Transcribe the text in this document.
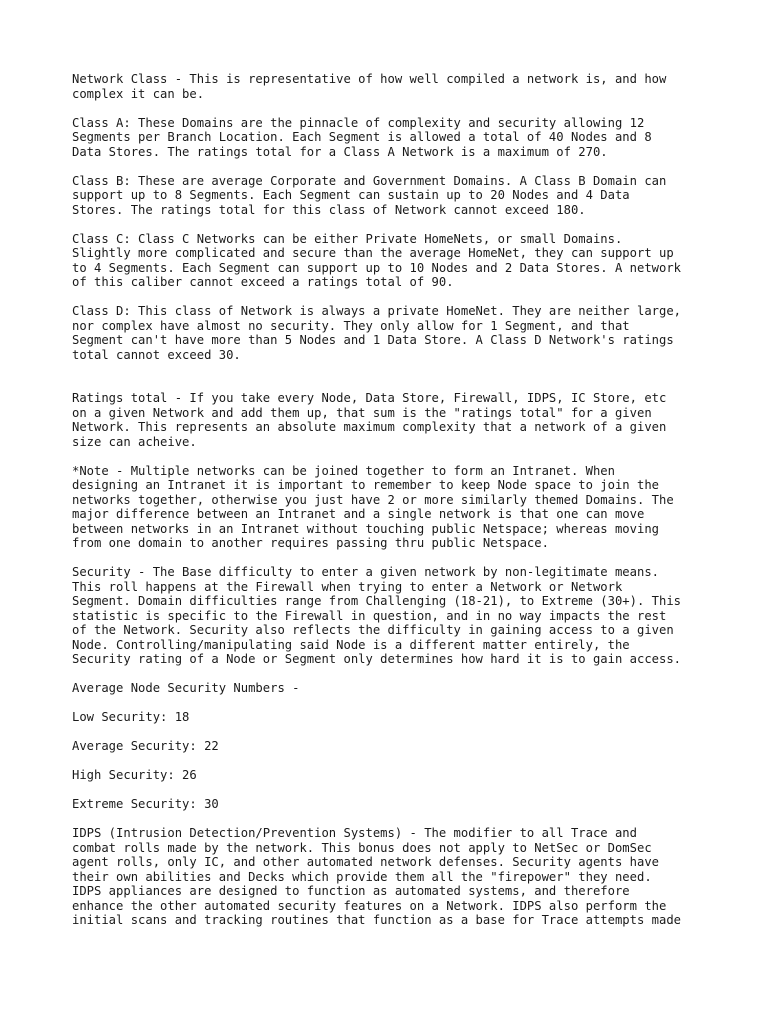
Network Class - This is representative of how well compiled a network is, and how
complex it can be.

Class A: These Domains are the pinnacle of complexity and security allowing 12
Segments per Branch Location. Each Segment is allowed a total of 40 Nodes and 8
Data Stores. The ratings total for a Class A Network is a maximum of 270.

Class B: These are average Corporate and Government Domains. A Class B Domain can
support up to 8 Segments. Each Segment can sustain up to 20 Nodes and 4 Data
Stores. The ratings total for this class of Network cannot exceed 180.

Class C: Class C Networks can be either Private HomeNets, or small Domains.
Slightly more complicated and secure than the average HomeNet, they can support up
to 4 Segments. Each Segment can support up to 10 Nodes and 2 Data Stores. A network
of this caliber cannot exceed a ratings total of 90.

Class D: This class of Network is always a private HomeNet. They are neither large,
nor complex have almost no security. They only allow for 1 Segment, and that
Segment can't have more than 5 Nodes and 1 Data Store. A Class D Network's ratings
total cannot exceed 30.

Ratings total - If you take every Node, Data Store, Firewall, IDPS, IC Store, etc
on a given Network and add them up, that sum is the "ratings total" for a given
Network. This represents an absolute maximum complexity that a network of a given
size can acheive.

*Note - Multiple networks can be joined together to form an Intranet. When
designing an Intranet it is important to remember to keep Node space to join the
networks together, otherwise you just have 2 or more similarly themed Domains. The
major difference between an Intranet and a single network is that one can move
between networks in an Intranet without touching public Netspace; whereas moving
from one domain to another requires passing thru public Netspace.

Security - The Base difficulty to enter a given network by non-legitimate means.
This roll happens at the Firewall when trying to enter a Network or Network
Segment. Domain difficulties range from Challenging (18-21), to Extreme (30+). This
statistic is specific to the Firewall in question, and in no way impacts the rest
of the Network. Security also reflects the difficulty in gaining access to a given
Node. Controlling/manipulating said Node is a different matter entirely, the
Security rating of a Node or Segment only determines how hard it is to gain access.

Average Node Security Numbers -

Low Security: 18

Average Security: 22

High Security: 26

Extreme Security: 30

IDPS (Intrusion Detection/Prevention Systems) - The modifier to all Trace and
combat rolls made by the network. This bonus does not apply to NetSec or DomSec
agent rolls, only IC, and other automated network defenses. Security agents have
their own abilities and Decks which provide them all the "firepower" they need.
IDPS appliances are designed to function as automated systems, and therefore
enhance the other automated security features on a Network. IDPS also perform the
initial scans and tracking routines that function as a base for Trace attempts made
